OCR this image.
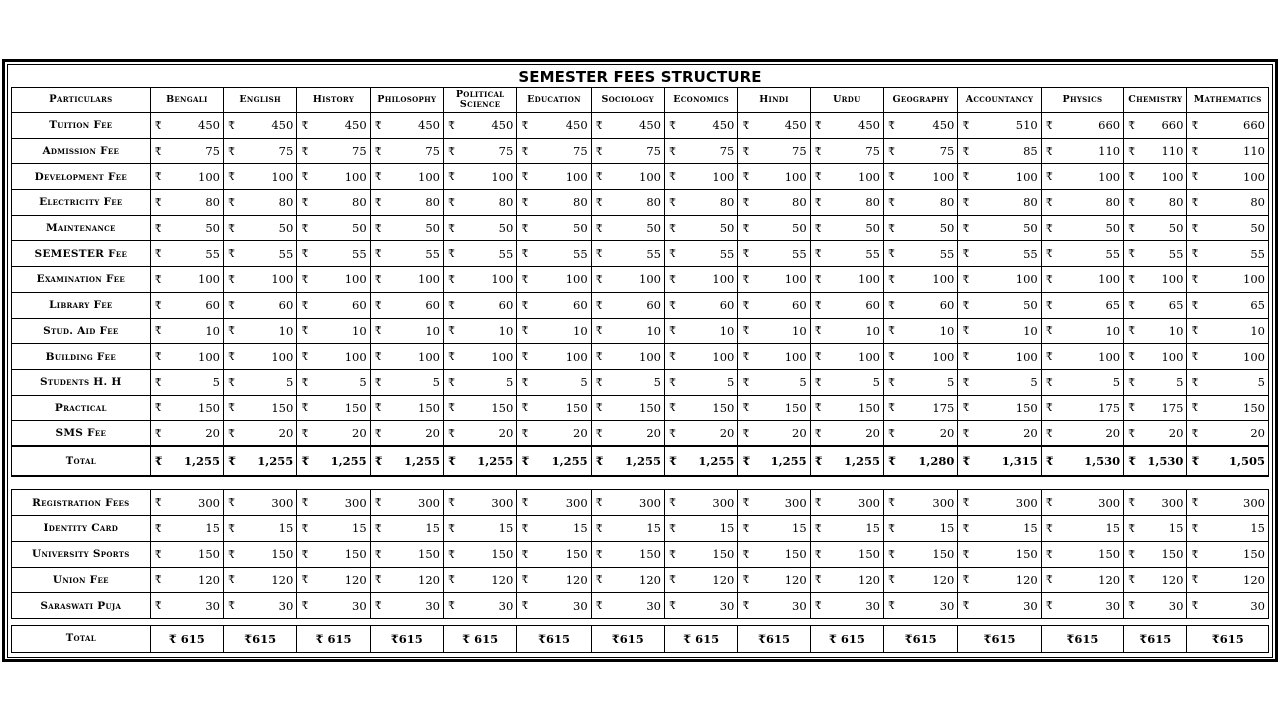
SEMESTER FEES STRUCTURE
Particulars	Bengali		English		History		Philosophy		Political Science		Education		Sociology		Economics		Hindi		Urdu		Geography		Accountancy		Physics		Chemistry		Mathematics	
Tuition Fee	₹	450	₹	450	₹	450	₹	450	₹	450	₹	450	₹	450	₹	450	₹	450	₹	450	₹	450	₹	510	₹	660	₹	660	₹	660
Admission Fee	₹	75	₹	75	₹	75	₹	75	₹	75	₹	75	₹	75	₹	75	₹	75	₹	75	₹	75	₹	85	₹	110	₹	110	₹	110
Development Fee	₹	100	₹	100	₹	100	₹	100	₹	100	₹	100	₹	100	₹	100	₹	100	₹	100	₹	100	₹	100	₹	100	₹	100	₹	100
Electricity Fee	₹	80	₹	80	₹	80	₹	80	₹	80	₹	80	₹	80	₹	80	₹	80	₹	80	₹	80	₹	80	₹	80	₹	80	₹	80
Maintenance	₹	50	₹	50	₹	50	₹	50	₹	50	₹	50	₹	50	₹	50	₹	50	₹	50	₹	50	₹	50	₹	50	₹	50	₹	50
SEMESTER Fee	₹	55	₹	55	₹	55	₹	55	₹	55	₹	55	₹	55	₹	55	₹	55	₹	55	₹	55	₹	55	₹	55	₹	55	₹	55
Examination Fee	₹	100	₹	100	₹	100	₹	100	₹	100	₹	100	₹	100	₹	100	₹	100	₹	100	₹	100	₹	100	₹	100	₹	100	₹	100
Library Fee	₹	60	₹	60	₹	60	₹	60	₹	60	₹	60	₹	60	₹	60	₹	60	₹	60	₹	60	₹	50	₹	65	₹	65	₹	65
Stud. Aid Fee	₹	10	₹	10	₹	10	₹	10	₹	10	₹	10	₹	10	₹	10	₹	10	₹	10	₹	10	₹	10	₹	10	₹	10	₹	10
Building Fee	₹	100	₹	100	₹	100	₹	100	₹	100	₹	100	₹	100	₹	100	₹	100	₹	100	₹	100	₹	100	₹	100	₹	100	₹	100
Students H. H	₹	5	₹	5	₹	5	₹	5	₹	5	₹	5	₹	5	₹	5	₹	5	₹	5	₹	5	₹	5	₹	5	₹	5	₹	5
Practical	₹	150	₹	150	₹	150	₹	150	₹	150	₹	150	₹	150	₹	150	₹	150	₹	150	₹	175	₹	150	₹	175	₹	175	₹	150
SMS Fee	₹	20	₹	20	₹	20	₹	20	₹	20	₹	20	₹	20	₹	20	₹	20	₹	20	₹	20	₹	20	₹	20	₹	20	₹	20
Total	₹	1,255	₹	1,255	₹	1,255	₹	1,255	₹	1,255	₹	1,255	₹	1,255	₹	1,255	₹	1,255	₹	1,255	₹	1,280	₹	1,315	₹	1,530	₹	1,530	₹	1,505

Registration Fees	₹	300	₹	300	₹	300	₹	300	₹	300	₹	300	₹	300	₹	300	₹	300	₹	300	₹	300	₹	300	₹	300	₹	300	₹	300
Identity Card	₹	15	₹	15	₹	15	₹	15	₹	15	₹	15	₹	15	₹	15	₹	15	₹	15	₹	15	₹	15	₹	15	₹	15	₹	15
University Sports	₹	150	₹	150	₹	150	₹	150	₹	150	₹	150	₹	150	₹	150	₹	150	₹	150	₹	150	₹	150	₹	150	₹	150	₹	150
Union Fee	₹	120	₹	120	₹	120	₹	120	₹	120	₹	120	₹	120	₹	120	₹	120	₹	120	₹	120	₹	120	₹	120	₹	120	₹	120
Saraswati Puja	₹	30	₹	30	₹	30	₹	30	₹	30	₹	30	₹	30	₹	30	₹	30	₹	30	₹	30	₹	30	₹	30	₹	30	₹	30

Total	₹ 615		₹615		₹ 615		₹615		₹ 615		₹615		₹615		₹ 615		₹615		₹ 615		₹615		₹615		₹615		₹615		₹615	
